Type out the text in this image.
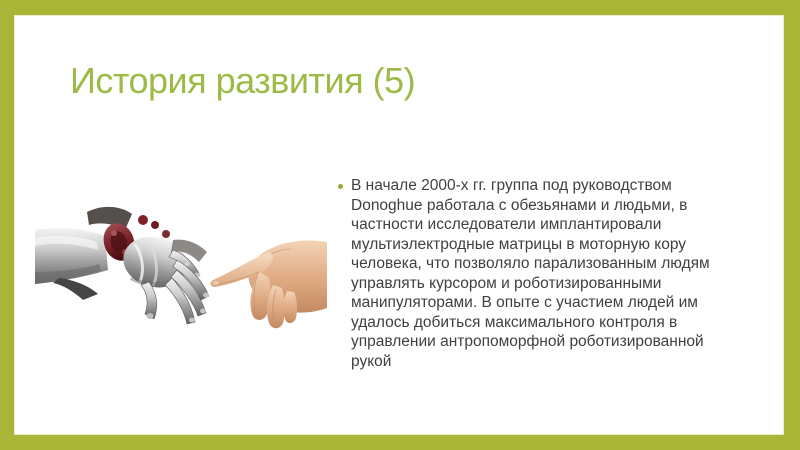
История развития (5)

В начале 2000-х гг. группа под руководством Donoghue работала с обезьянами и людьми, в частности исследователи имплантировали мультиэлектродные матрицы в моторную кору человека, что позволяло парализованным людям управлять курсором и роботизированными манипуляторами. В опыте с участием людей им удалось добиться максимального контроля в управлении антропоморфной роботизированной рукой
